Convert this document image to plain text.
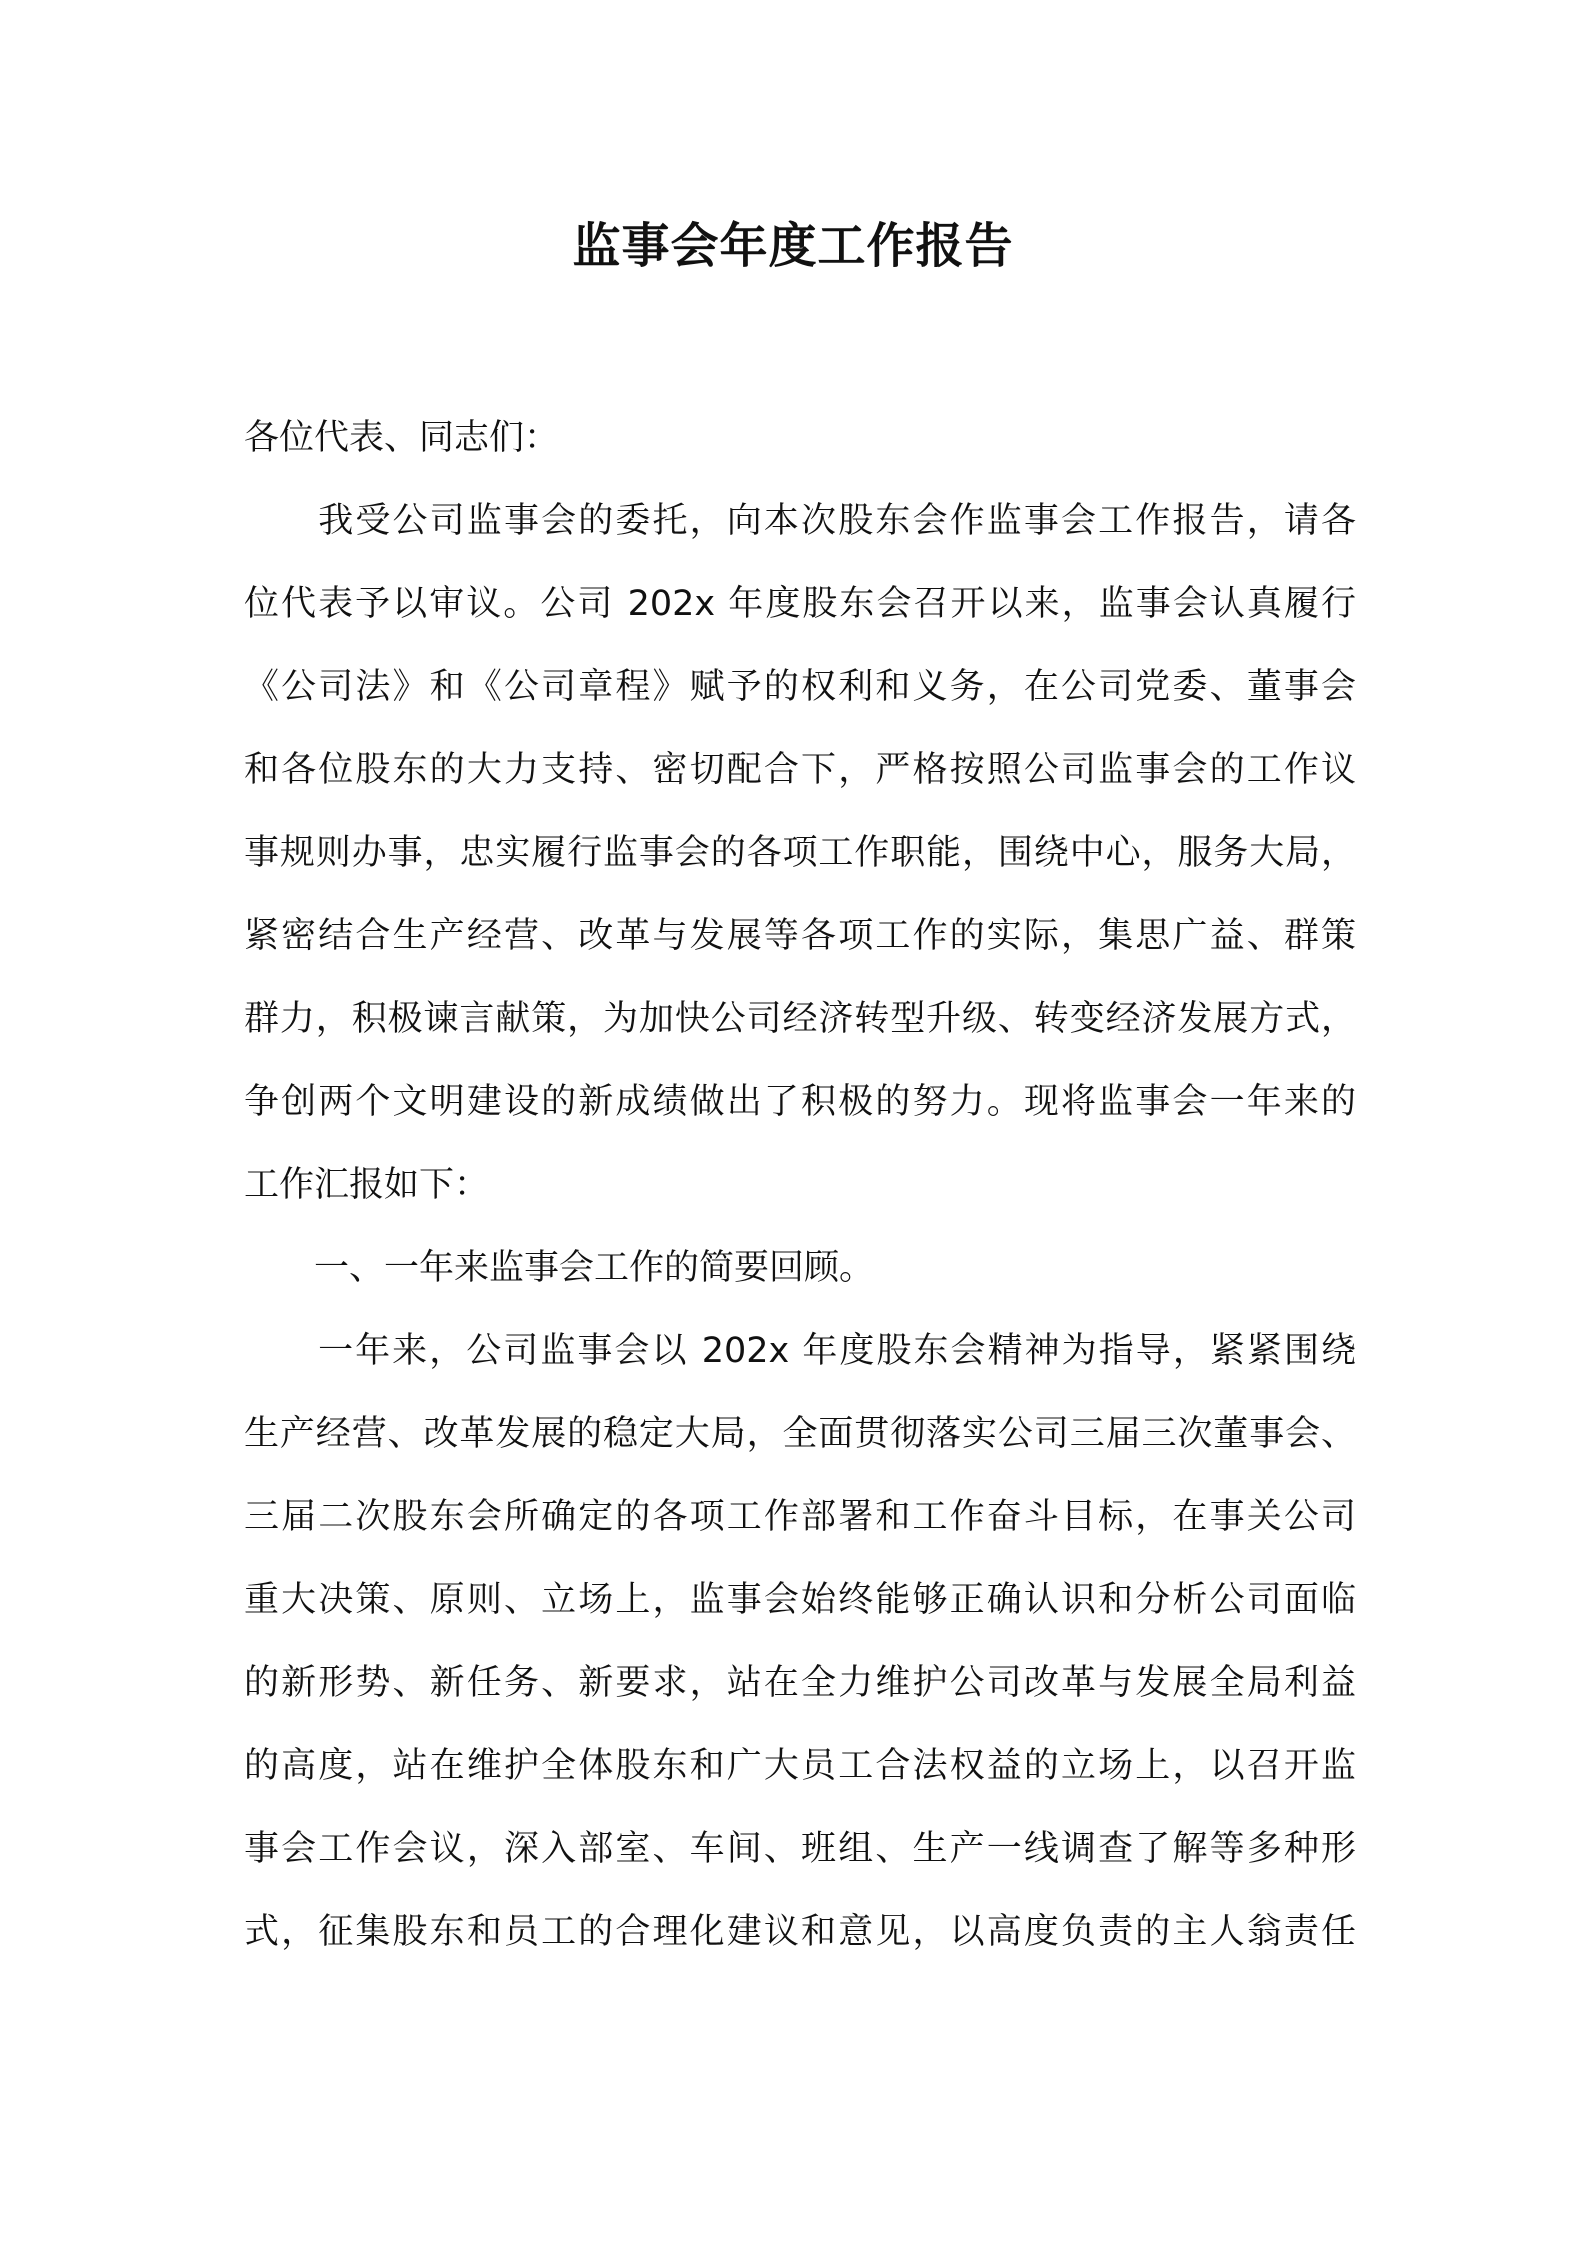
监事会年度工作报告
各位代表、同志们：
　　我受公司监事会的委托，向本次股东会作监事会工作报告，请各
位代表予以审议。公司 202x 年度股东会召开以来，监事会认真履行
《公司法》和《公司章程》赋予的权利和义务，在公司党委、董事会
和各位股东的大力支持、密切配合下，严格按照公司监事会的工作议
事规则办事，忠实履行监事会的各项工作职能，围绕中心，服务大局，
紧密结合生产经营、改革与发展等各项工作的实际，集思广益、群策
群力，积极谏言献策，为加快公司经济转型升级、转变经济发展方式，
争创两个文明建设的新成绩做出了积极的努力。现将监事会一年来的
工作汇报如下：
　　一、一年来监事会工作的简要回顾。
　　一年来，公司监事会以 202x 年度股东会精神为指导，紧紧围绕
生产经营、改革发展的稳定大局，全面贯彻落实公司三届三次董事会、
三届二次股东会所确定的各项工作部署和工作奋斗目标，在事关公司
重大决策、原则、立场上，监事会始终能够正确认识和分析公司面临
的新形势、新任务、新要求，站在全力维护公司改革与发展全局利益
的高度，站在维护全体股东和广大员工合法权益的立场上，以召开监
事会工作会议，深入部室、车间、班组、生产一线调查了解等多种形
式，征集股东和员工的合理化建议和意见，以高度负责的主人翁责任
